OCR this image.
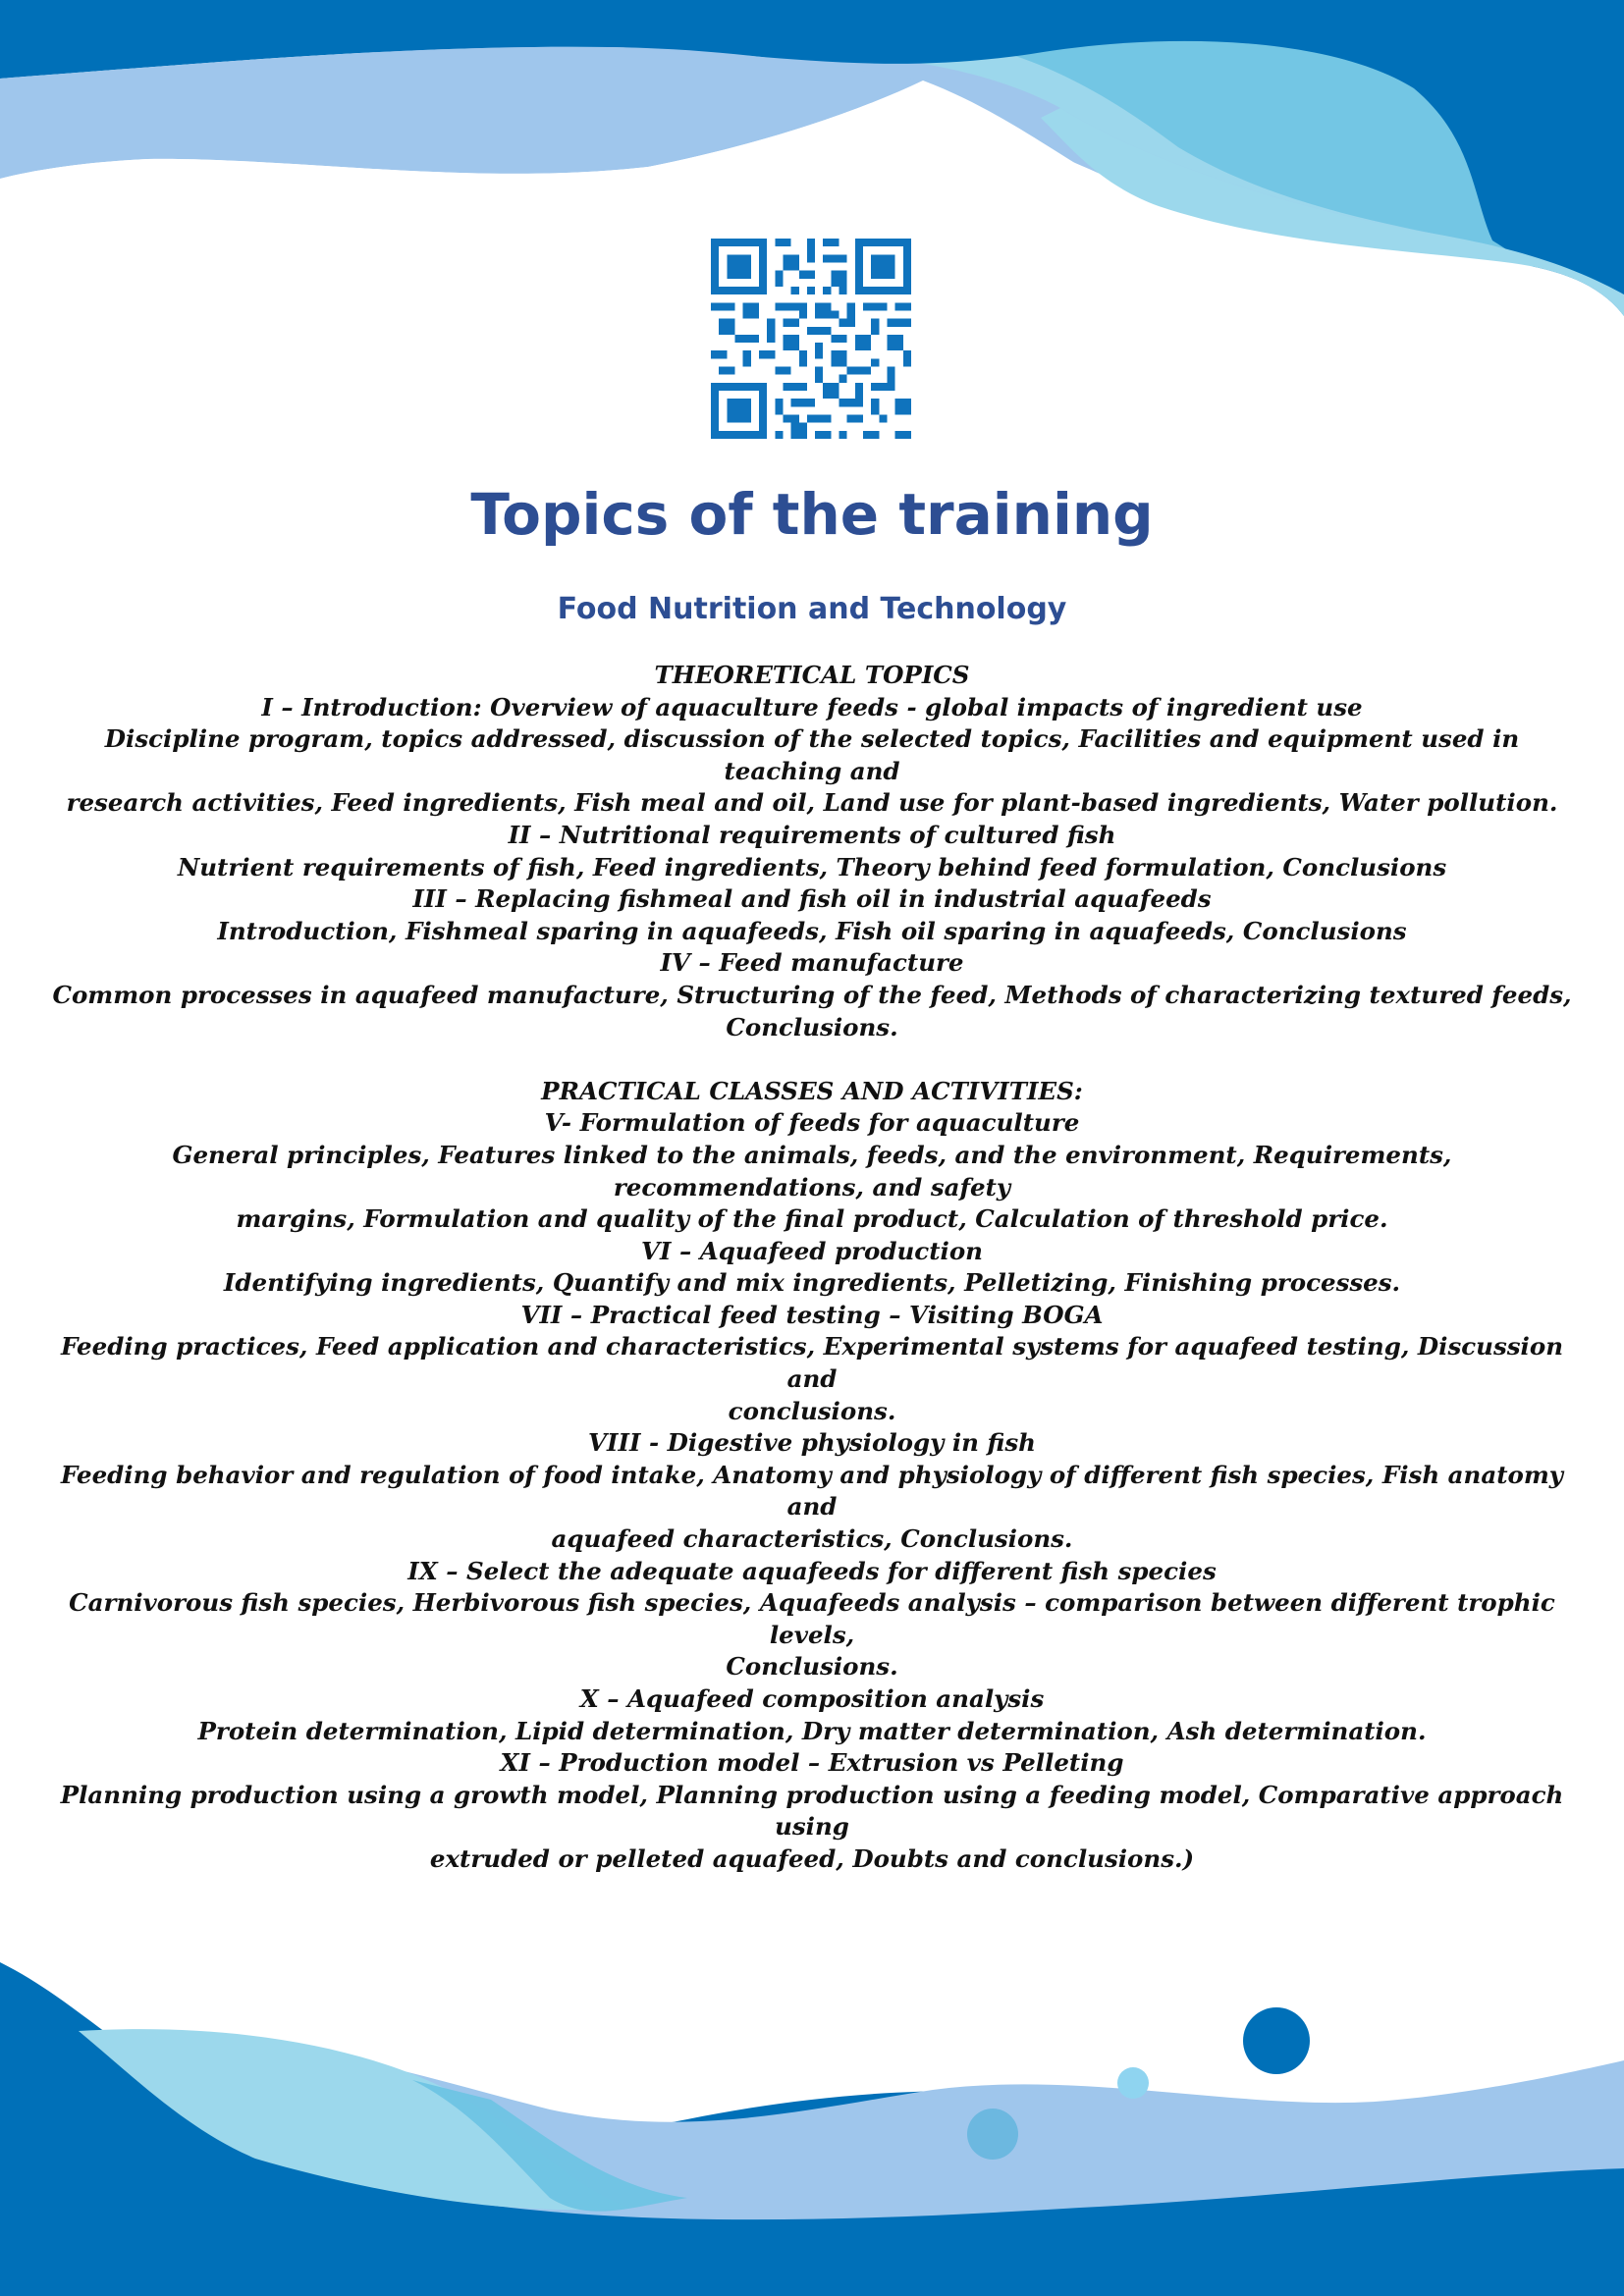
Topics of the training
Food Nutrition and Technology
THEORETICAL TOPICS
I – Introduction: Overview of aquaculture feeds - global impacts of ingredient use
Discipline program, topics addressed, discussion of the selected topics, Facilities and equipment used in teaching and
research activities, Feed ingredients, Fish meal and oil, Land use for plant-based ingredients, Water pollution.
II – Nutritional requirements of cultured fish
Nutrient requirements of fish, Feed ingredients, Theory behind feed formulation, Conclusions
III – Replacing fishmeal and fish oil in industrial aquafeeds
Introduction, Fishmeal sparing in aquafeeds, Fish oil sparing in aquafeeds, Conclusions
IV – Feed manufacture
Common processes in aquafeed manufacture, Structuring of the feed, Methods of characterizing textured feeds, Conclusions.
PRACTICAL CLASSES AND ACTIVITIES:
V- Formulation of feeds for aquaculture
General principles, Features linked to the animals, feeds, and the environment, Requirements, recommendations, and safety
margins, Formulation and quality of the final product, Calculation of threshold price.
VI – Aquafeed production
Identifying ingredients, Quantify and mix ingredients, Pelletizing, Finishing processes.
VII – Practical feed testing – Visiting BOGA
Feeding practices, Feed application and characteristics, Experimental systems for aquafeed testing, Discussion and
conclusions.
VIII - Digestive physiology in fish
Feeding behavior and regulation of food intake, Anatomy and physiology of different fish species, Fish anatomy and
aquafeed characteristics, Conclusions.
IX – Select the adequate aquafeeds for different fish species
Carnivorous fish species, Herbivorous fish species, Aquafeeds analysis – comparison between different trophic levels,
Conclusions.
X – Aquafeed composition analysis
Protein determination, Lipid determination, Dry matter determination, Ash determination.
XI – Production model – Extrusion vs Pelleting
Planning production using a growth model, Planning production using a feeding model, Comparative approach using
extruded or pelleted aquafeed, Doubts and conclusions.)
